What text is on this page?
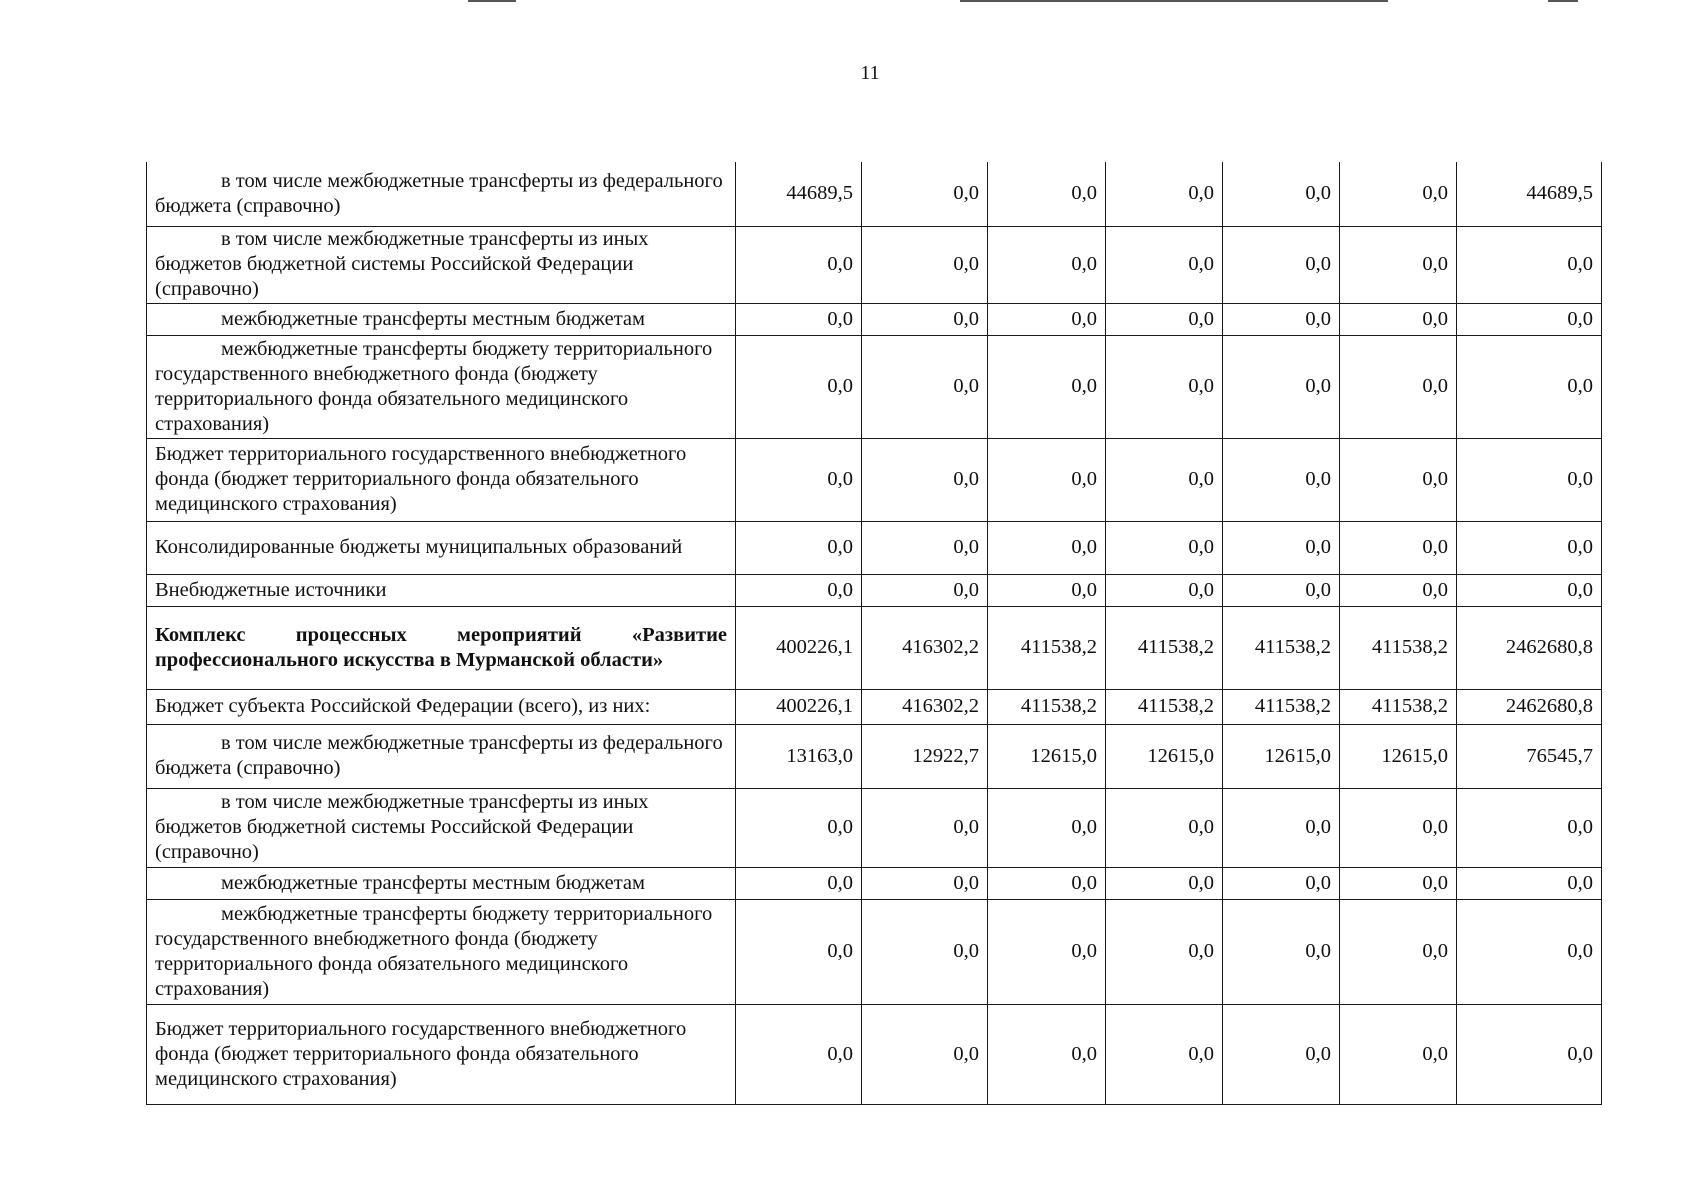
11
в том числе межбюджетные трансферты из федерального бюджета (справочно)	44689,5	0,0	0,0	0,0	0,0	0,0	44689,5
в том числе межбюджетные трансферты из иных бюджетов бюджетной системы Российской Федерации (справочно)	0,0	0,0	0,0	0,0	0,0	0,0	0,0
межбюджетные трансферты местным бюджетам	0,0	0,0	0,0	0,0	0,0	0,0	0,0
межбюджетные трансферты бюджету территориального государственного внебюджетного фонда (бюджету территориального фонда обязательного медицинского страхования)	0,0	0,0	0,0	0,0	0,0	0,0	0,0
Бюджет территориального государственного внебюджетного фонда (бюджет территориального фонда обязательного медицинского страхования)	0,0	0,0	0,0	0,0	0,0	0,0	0,0
Консолидированные бюджеты муниципальных образований	0,0	0,0	0,0	0,0	0,0	0,0	0,0
Внебюджетные источники	0,0	0,0	0,0	0,0	0,0	0,0	0,0
Комплекс процессных мероприятий «Развитие профессионального искусства в Мурманской области»	400226,1	416302,2	411538,2	411538,2	411538,2	411538,2	2462680,8
Бюджет субъекта Российской Федерации (всего), из них:	400226,1	416302,2	411538,2	411538,2	411538,2	411538,2	2462680,8
в том числе межбюджетные трансферты из федерального бюджета (справочно)	13163,0	12922,7	12615,0	12615,0	12615,0	12615,0	76545,7
в том числе межбюджетные трансферты из иных бюджетов бюджетной системы Российской Федерации (справочно)	0,0	0,0	0,0	0,0	0,0	0,0	0,0
межбюджетные трансферты местным бюджетам	0,0	0,0	0,0	0,0	0,0	0,0	0,0
межбюджетные трансферты бюджету территориального государственного внебюджетного фонда (бюджету территориального фонда обязательного медицинского страхования)	0,0	0,0	0,0	0,0	0,0	0,0	0,0
Бюджет территориального государственного внебюджетного фонда (бюджет территориального фонда обязательного медицинского страхования)	0,0	0,0	0,0	0,0	0,0	0,0	0,0
